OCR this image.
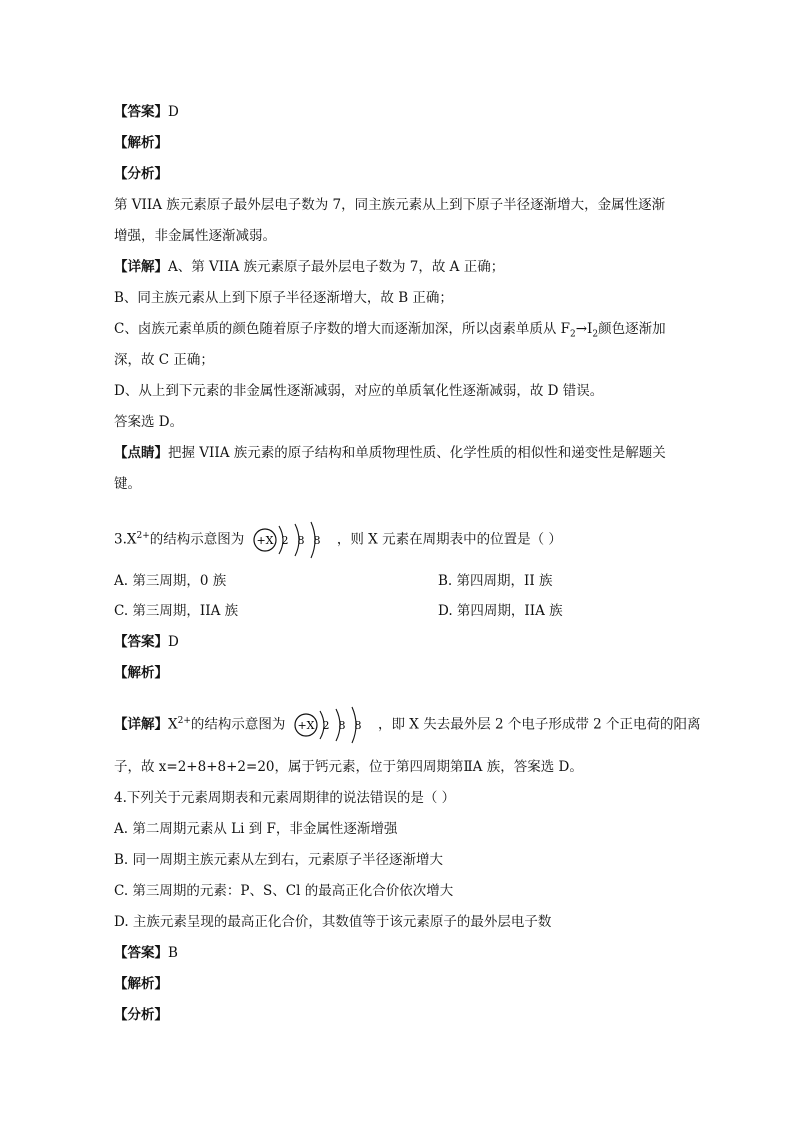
【答案】D
【解析】
【分析】
第 VIIA 族元素原子最外层电子数为 7，同主族元素从上到下原子半径逐渐增大，金属性逐渐
增强，非金属性逐渐减弱。
【详解】A、第 VIIA 族元素原子最外层电子数为 7，故 A 正确；
B、同主族元素从上到下原子半径逐渐增大，故 B 正确；
C、卤族元素单质的颜色随着原子序数的增大而逐渐加深，所以卤素单质从 $F_2\to I_2$颜色逐渐加
深，故 C 正确；
D、从上到下元素的非金属性逐渐减弱，对应的单质氧化性逐渐减弱，故 D 错误。
答案选 D。
【点睛】把握 VIIA 族元素的原子结构和单质物理性质、化学性质的相似性和递变性是解题关
键。
$3.X^{2+}$的结构示意图为 +X 2 8 8 ，则 X 元素在周期表中的位置是（ ）
A. 第三周期，0 族	B. 第四周期，II 族
C. 第三周期，IIA 族	D. 第四周期，IIA 族
【答案】D
【解析】
【详解】$X^{2+}$的结构示意图为 +X 2 8 8 ，即 X 失去最外层 2 个电子形成带 2 个正电荷的阳离
子，故 x=2+8+8+2=20，属于钙元素，位于第四周期第ⅡA 族，答案选 D。
4.下列关于元素周期表和元素周期律的说法错误的是（ ）
A. 第二周期元素从 Li 到 F，非金属性逐渐增强
B. 同一周期主族元素从左到右，元素原子半径逐渐增大
C. 第三周期的元素：P、S、Cl 的最高正化合价依次增大
D. 主族元素呈现的最高正化合价，其数值等于该元素原子的最外层电子数
【答案】B
【解析】
【分析】
